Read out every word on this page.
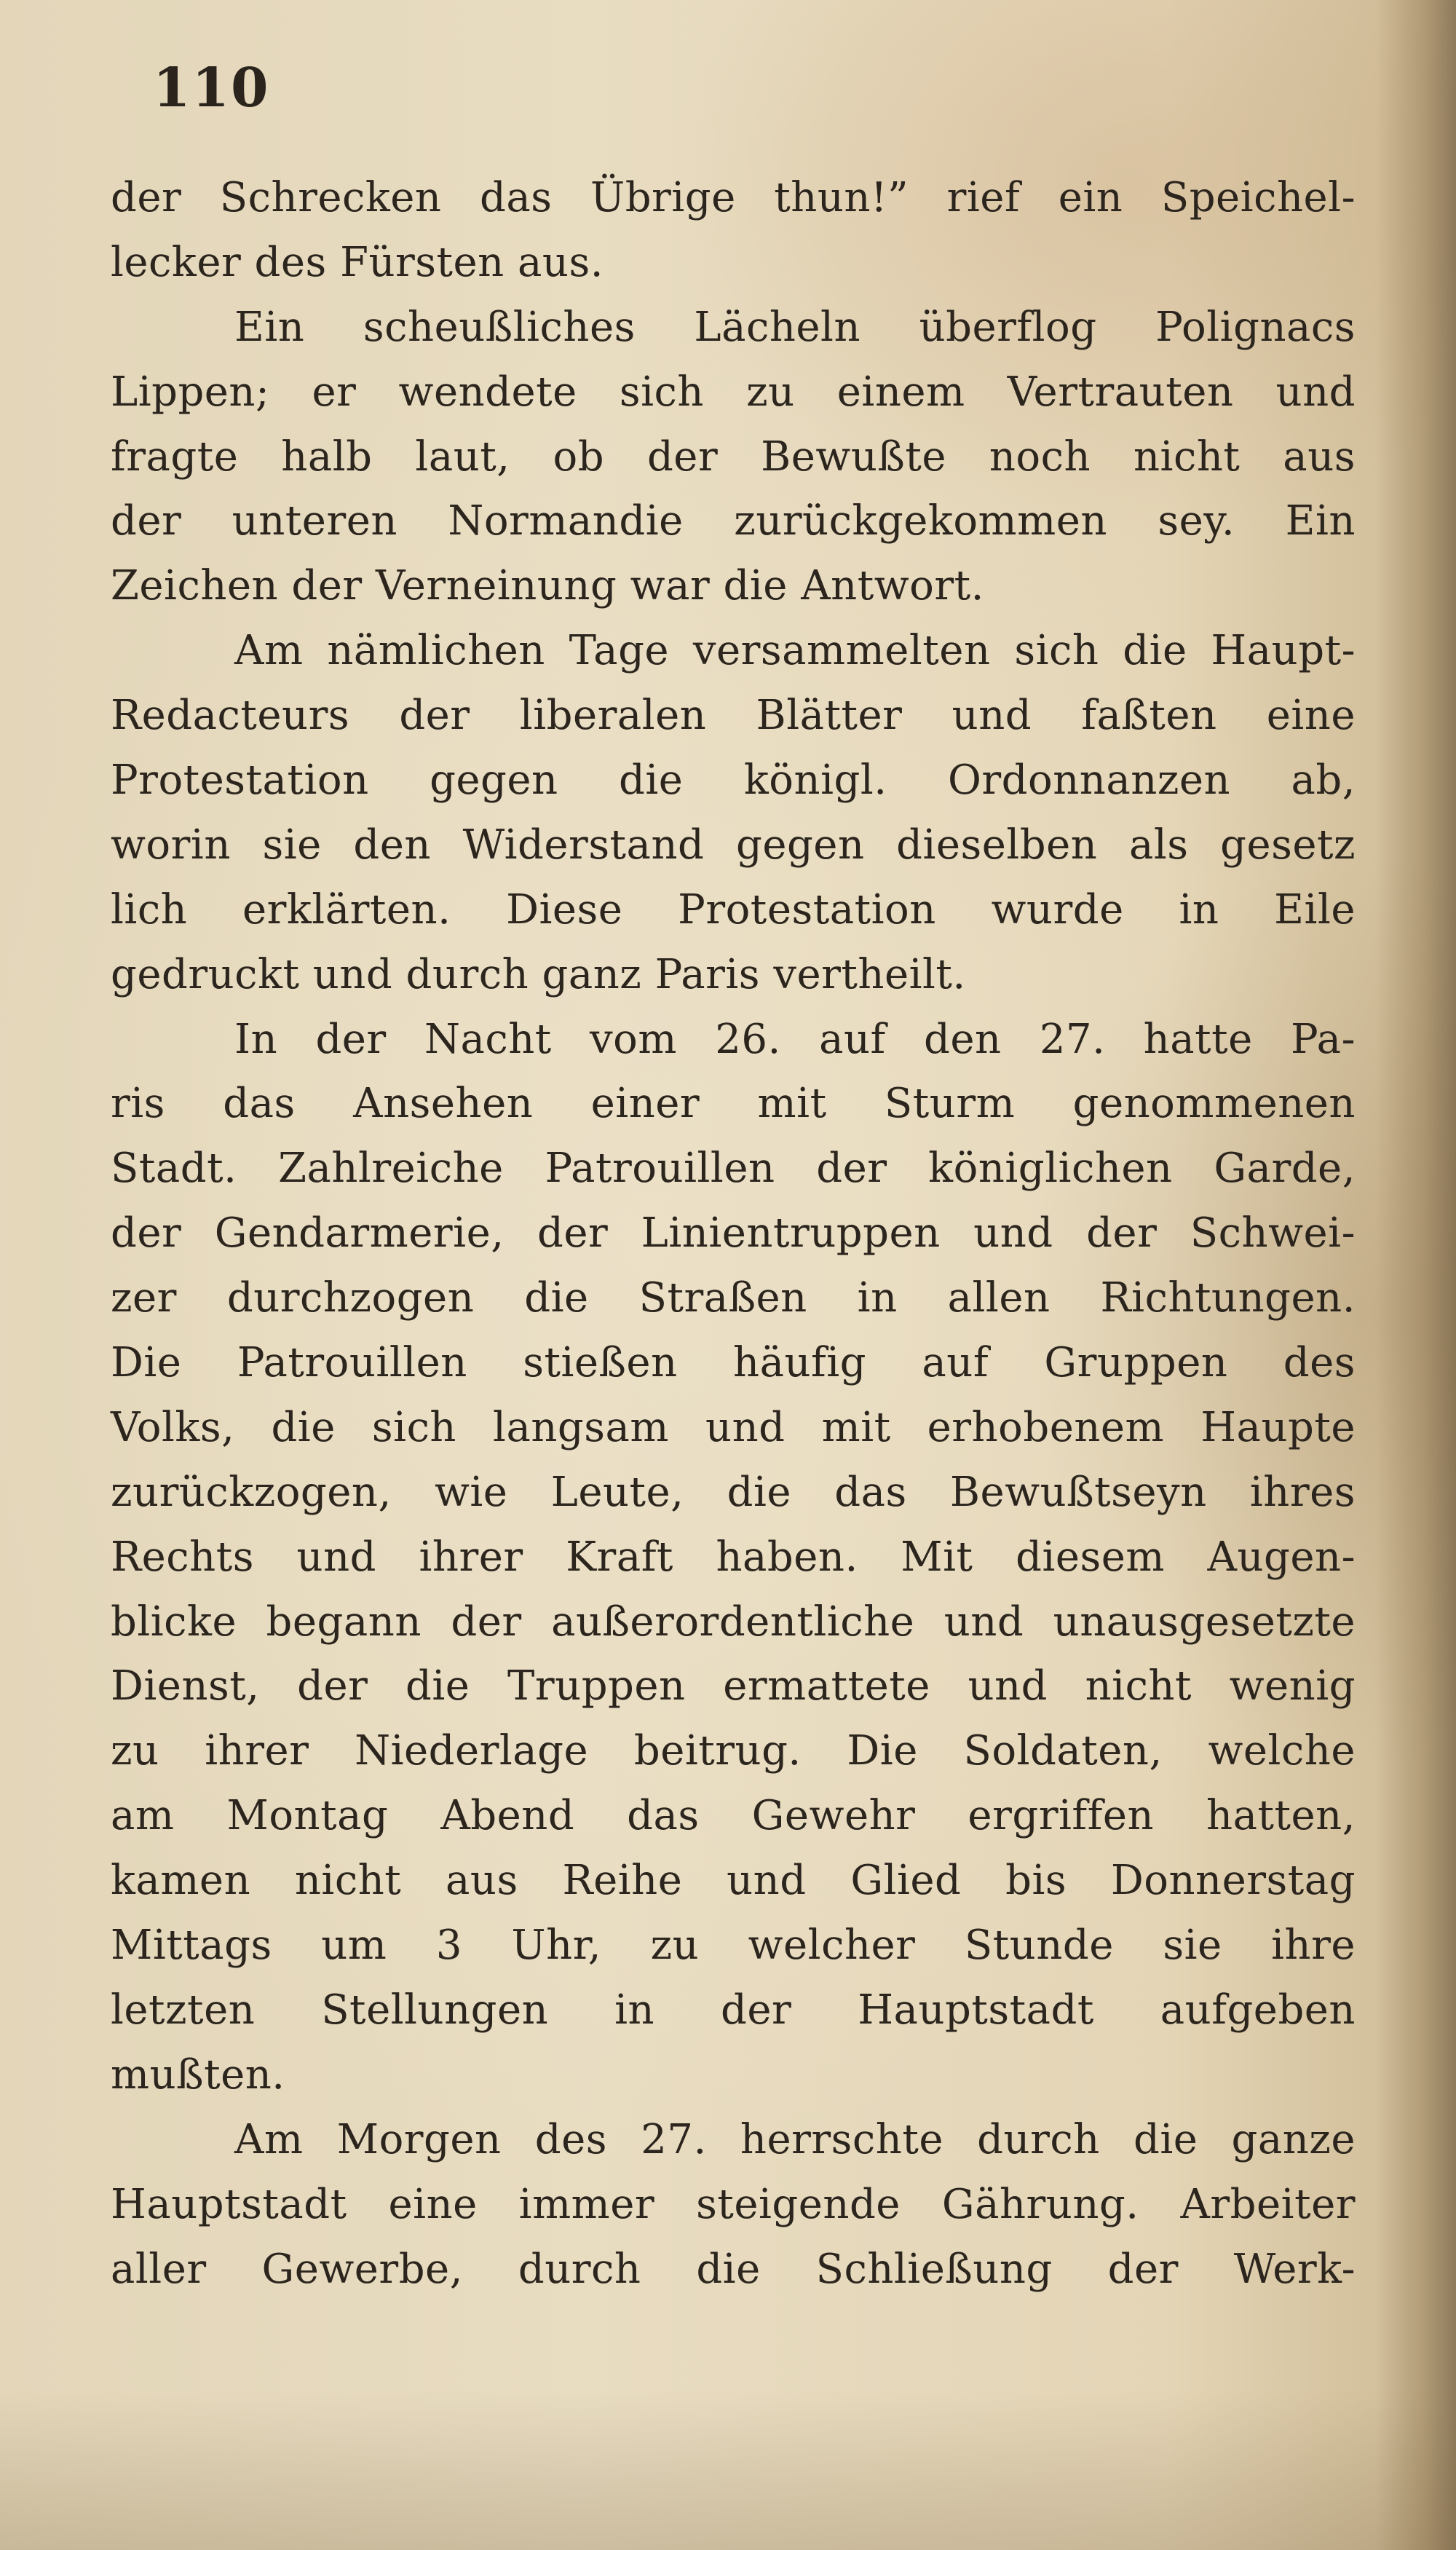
110
der Schrecken das Übrige thun!” rief ein Speichel-
lecker des Fürsten aus.
Ein scheußliches Lächeln überflog Polignacs
Lippen; er wendete sich zu einem Vertrauten und
fragte halb laut, ob der Bewußte noch nicht aus
der unteren Normandie zurückgekommen sey. Ein
Zeichen der Verneinung war die Antwort.
Am nämlichen Tage versammelten sich die Haupt-
Redacteurs der liberalen Blätter und faßten eine
Protestation gegen die königl. Ordonnanzen ab,
worin sie den Widerstand gegen dieselben als gesetz
lich erklärten. Diese Protestation wurde in Eile
gedruckt und durch ganz Paris vertheilt.
In der Nacht vom 26. auf den 27. hatte Pa-
ris das Ansehen einer mit Sturm genommenen
Stadt. Zahlreiche Patrouillen der königlichen Garde,
der Gendarmerie, der Linientruppen und der Schwei-
zer durchzogen die Straßen in allen Richtungen.
Die Patrouillen stießen häufig auf Gruppen des
Volks, die sich langsam und mit erhobenem Haupte
zurückzogen, wie Leute, die das Bewußtseyn ihres
Rechts und ihrer Kraft haben. Mit diesem Augen-
blicke begann der außerordentliche und unausgesetzte
Dienst, der die Truppen ermattete und nicht wenig
zu ihrer Niederlage beitrug. Die Soldaten, welche
am Montag Abend das Gewehr ergriffen hatten,
kamen nicht aus Reihe und Glied bis Donnerstag
Mittags um 3 Uhr, zu welcher Stunde sie ihre
letzten Stellungen in der Hauptstadt aufgeben
mußten.
Am Morgen des 27. herrschte durch die ganze
Hauptstadt eine immer steigende Gährung. Arbeiter
aller Gewerbe, durch die Schließung der Werk-
